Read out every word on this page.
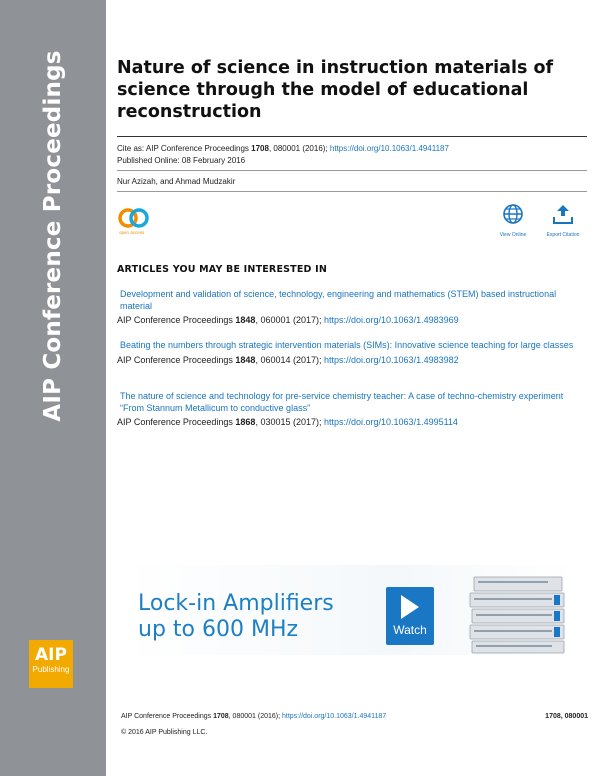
AIP Conference Proceedings
AIP
Publishing
Nature of science in instruction materials of science through the model of educational reconstruction
Cite as: AIP Conference Proceedings 1708, 080001 (2016); https://doi.org/10.1063/1.4941187
Published Online: 08 February 2016
Nur Azizah, and Ahmad Mudzakir
open access	View Online	Export Citation
ARTICLES YOU MAY BE INTERESTED IN
Development and validation of science, technology, engineering and mathematics (STEM) based instructional material
AIP Conference Proceedings 1848, 060001 (2017); https://doi.org/10.1063/1.4983969
Beating the numbers through strategic intervention materials (SIMs): Innovative science teaching for large classes
AIP Conference Proceedings 1848, 060014 (2017); https://doi.org/10.1063/1.4983982
The nature of science and technology for pre-service chemistry teacher: A case of techno-chemistry experiment “From Stannum Metallicum to conductive glass”
AIP Conference Proceedings 1868, 030015 (2017); https://doi.org/10.1063/1.4995114
Lock-in Amplifiers
up to 600 MHz	Watch
AIP Conference Proceedings 1708, 080001 (2016); https://doi.org/10.1063/1.4941187	1708, 080001
© 2016 AIP Publishing LLC.
